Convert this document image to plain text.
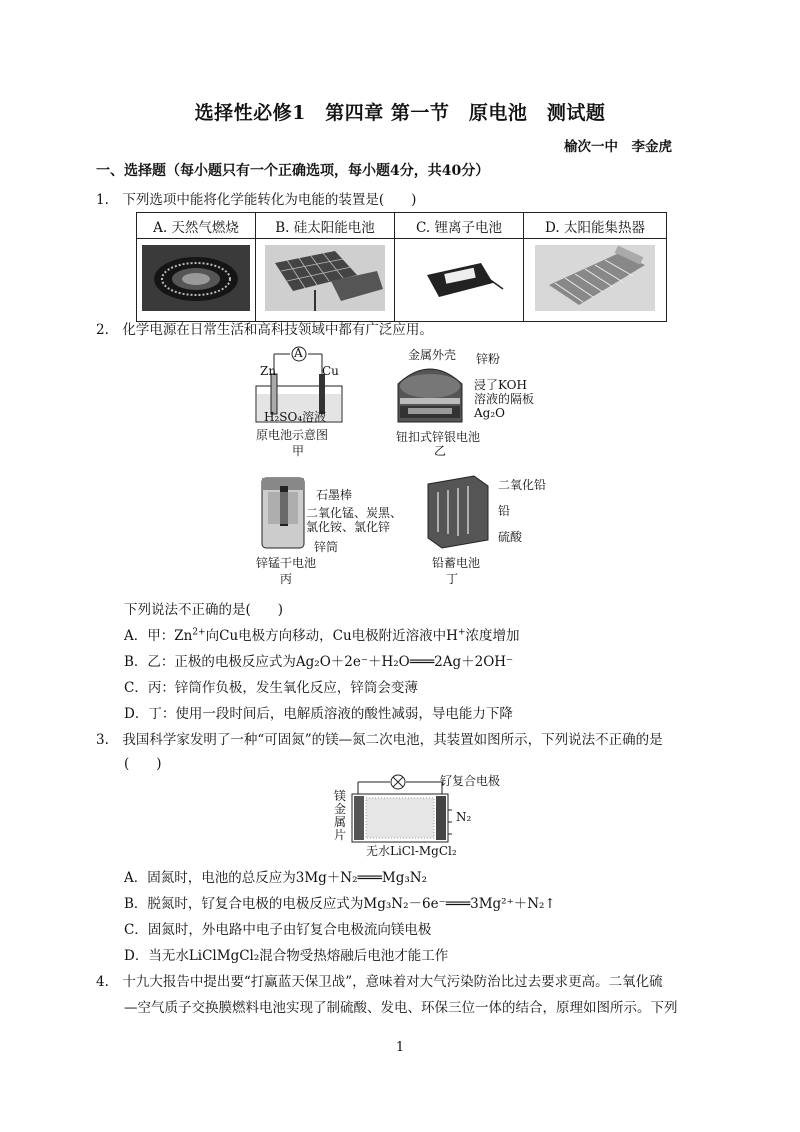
选择性必修1　第四章 第一节　原电池　测试题
榆次一中　李金虎
一、选择题（每小题只有一个正确选项，每小题4分，共40分）
1.　下列选项中能将化学能转化为电能的装置是(　　)
A. 天然气燃烧	B. 硅太阳能电池	C. 锂离子电池	D. 太阳能集热器

2.　化学电源在日常生活和高科技领域中都有广泛应用。
A
Zn	Cu
H₂SO₄溶液
原电池示意图
甲
金属外壳 锌粉
浸了KOH
溶液的隔板
Ag₂O
钮扣式锌银电池
乙
石墨棒
二氧化锰、炭黑、
氯化铵、氯化锌
锌筒
锌锰干电池
丙
二氧化铅
铅
硫酸
铅蓄电池
丁
下列说法不正确的是(　　)
A．甲：$Zn^{2+}$向Cu电极方向移动，Cu电极附近溶液中H+浓度增加
B．乙：正极的电极反应式为Ag₂O＋2e⁻＋H₂O═══2Ag＋2OH⁻
C．丙：锌筒作负极，发生氧化反应，锌筒会变薄
D．丁：使用一段时间后，电解质溶液的酸性减弱，导电能力下降
3.　我国科学家发明了一种“可固氮”的镁—氮二次电池，其装置如图所示，下列说法不正确的是
(　　)
镁金属片
钌复合电极
N₂
无水LiCl-MgCl₂
A．固氮时，电池的总反应为3Mg＋N₂═══Mg₃N₂
B．脱氮时，钌复合电极的电极反应式为Mg₃N₂－6e⁻═══3Mg²⁺＋N₂↑
C．固氮时，外电路中电子由钌复合电极流向镁电极
D．当无水LiClMgCl₂混合物受热熔融后电池才能工作
4.　十九大报告中提出要“打赢蓝天保卫战”，意味着对大气污染防治比过去要求更高。二氧化硫
—空气质子交换膜燃料电池实现了制硫酸、发电、环保三位一体的结合，原理如图所示。下列
1
